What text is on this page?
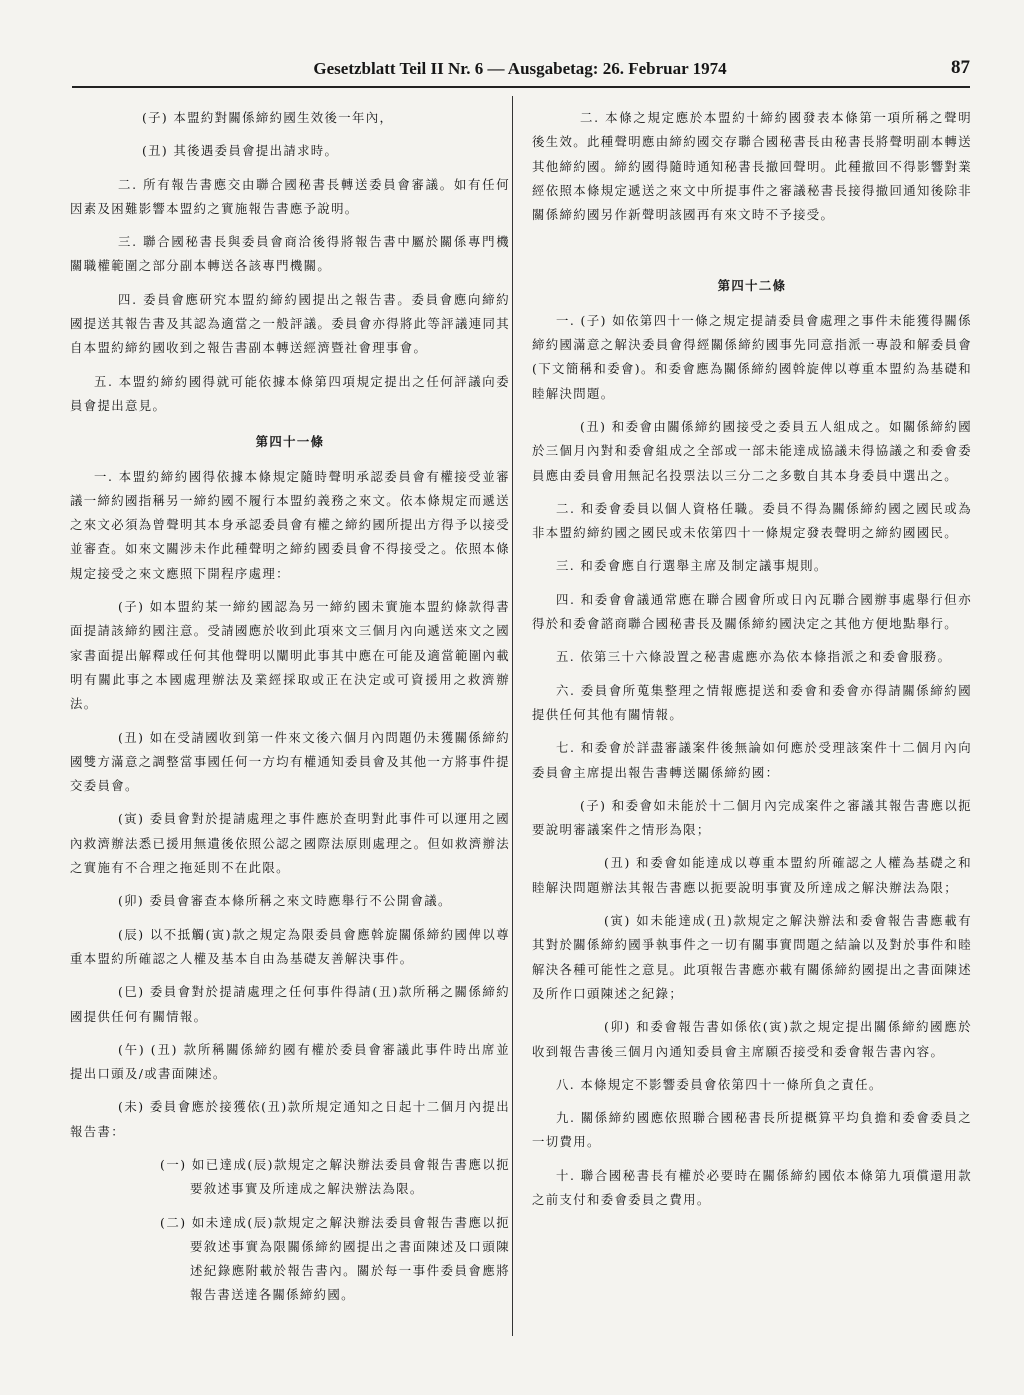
Gesetzblatt Teil II Nr. 6 — Ausgabetag: 26. Februar 1974	87

(子) 本盟約對關係締約國生效後一年內，

(丑) 其後遇委員會提出請求時。

二. 所有報告書應交由聯合國秘書長轉送委員會審議。如有任何因素及困難影響本盟約之實施報告書應予說明。

三. 聯合國秘書長與委員會商洽後得將報告書中屬於關係專門機關職權範圍之部分副本轉送各該專門機關。

四. 委員會應研究本盟約締約國提出之報告書。委員會應向締約國提送其報告書及其認為適當之一般評議。委員會亦得將此等評議連同其自本盟約締約國收到之報告書副本轉送經濟暨社會理事會。

五. 本盟約締約國得就可能依據本條第四項規定提出之任何評議向委員會提出意見。

第四十一條

一. 本盟約締約國得依據本條規定隨時聲明承認委員會有權接受並審議一締約國指稱另一締約國不履行本盟約義務之來文。依本條規定而遞送之來文必須為曾聲明其本身承認委員會有權之締約國所提出方得予以接受並審查。如來文關涉未作此種聲明之締約國委員會不得接受之。依照本條規定接受之來文應照下開程序處理：

(子) 如本盟約某一締約國認為另一締約國未實施本盟約條款得書面提請該締約國注意。受請國應於收到此項來文三個月內向遞送來文之國家書面提出解釋或任何其他聲明以闡明此事其中應在可能及適當範圍內載明有關此事之本國處理辦法及業經採取或正在決定或可資援用之救濟辦法。

(丑) 如在受請國收到第一件來文後六個月內問題仍未獲關係締約國雙方滿意之調整當事國任何一方均有權通知委員會及其他一方將事件提交委員會。

(寅) 委員會對於提請處理之事件應於查明對此事件可以運用之國內救濟辦法悉已援用無遺後依照公認之國際法原則處理之。但如救濟辦法之實施有不合理之拖延則不在此限。

(卯) 委員會審查本條所稱之來文時應舉行不公開會議。

(辰) 以不抵觸(寅)款之規定為限委員會應斡旋關係締約國俾以尊重本盟約所確認之人權及基本自由為基礎友善解決事件。

(巳) 委員會對於提請處理之任何事件得請(丑)款所稱之關係締約國提供任何有關情報。

(午) (丑) 款所稱關係締約國有權於委員會審議此事件時出席並提出口頭及/或書面陳述。

(未) 委員會應於接獲依(丑)款所規定通知之日起十二個月內提出報告書：

(一) 如已達成(辰)款規定之解決辦法委員會報告書應以扼要敘述事實及所達成之解決辦法為限。

(二) 如未達成(辰)款規定之解決辦法委員會報告書應以扼要敘述事實為限關係締約國提出之書面陳述及口頭陳述紀錄應附載於報告書內。關於每一事件委員會應將報告書送達各關係締約國。

二. 本條之規定應於本盟約十締約國發表本條第一項所稱之聲明後生效。此種聲明應由締約國交存聯合國秘書長由秘書長將聲明副本轉送其他締約國。締約國得隨時通知秘書長撤回聲明。此種撤回不得影響對業經依照本條規定遞送之來文中所提事件之審議秘書長接得撤回通知後除非關係締約國另作新聲明該國再有來文時不予接受。

第四十二條

一. (子) 如依第四十一條之規定提請委員會處理之事件未能獲得關係締約國滿意之解決委員會得經關係締約國事先同意指派一專設和解委員會(下文簡稱和委會)。和委會應為關係締約國斡旋俾以尊重本盟約為基礎和睦解決問題。

(丑) 和委會由關係締約國接受之委員五人組成之。如關係締約國於三個月內對和委會組成之全部或一部未能達成協議未得協議之和委會委員應由委員會用無記名投票法以三分二之多數自其本身委員中選出之。

二. 和委會委員以個人資格任職。委員不得為關係締約國之國民或為非本盟約締約國之國民或未依第四十一條規定發表聲明之締約國國民。

三. 和委會應自行選舉主席及制定議事規則。

四. 和委會會議通常應在聯合國會所或日內瓦聯合國辦事處舉行但亦得於和委會諮商聯合國秘書長及關係締約國決定之其他方便地點舉行。

五. 依第三十六條設置之秘書處應亦為依本條指派之和委會服務。

六. 委員會所蒐集整理之情報應提送和委會和委會亦得請關係締約國提供任何其他有關情報。

七. 和委會於詳盡審議案件後無論如何應於受理該案件十二個月內向委員會主席提出報告書轉送關係締約國：

(子) 和委會如未能於十二個月內完成案件之審議其報告書應以扼要說明審議案件之情形為限；

(丑) 和委會如能達成以尊重本盟約所確認之人權為基礎之和睦解決問題辦法其報告書應以扼要說明事實及所達成之解決辦法為限；

(寅) 如未能達成(丑)款規定之解決辦法和委會報告書應載有其對於關係締約國爭執事件之一切有關事實問題之結論以及對於事件和睦解決各種可能性之意見。此項報告書應亦載有關係締約國提出之書面陳述及所作口頭陳述之紀錄；

(卯) 和委會報告書如係依(寅)款之規定提出關係締約國應於收到報告書後三個月內通知委員會主席願否接受和委會報告書內容。

八. 本條規定不影響委員會依第四十一條所負之責任。

九. 關係締約國應依照聯合國秘書長所提概算平均負擔和委會委員之一切費用。

十. 聯合國秘書長有權於必要時在關係締約國依本條第九項償還用款之前支付和委會委員之費用。
